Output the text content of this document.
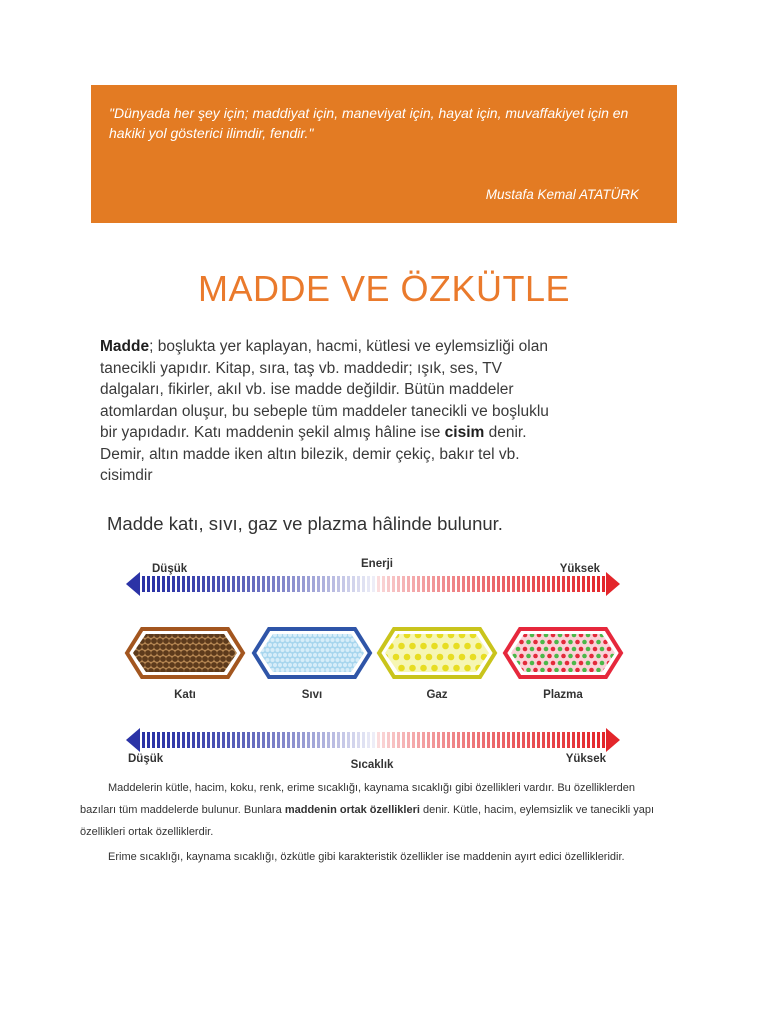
"Dünyada her şey için; maddiyat için, maneviyat için, hayat için, muvaffakiyet için en hakiki yol gösterici ilimdir, fendir."

Mustafa Kemal ATATÜRK

MADDE VE ÖZKÜTLE

Madde; boşlukta yer kaplayan, hacmi, kütlesi ve eylemsizliği olan tanecikli yapıdır. Kitap, sıra, taş vb. maddedir; ışık, ses, TV dalgaları, fikirler, akıl vb. ise madde değildir. Bütün maddeler atomlardan oluşur, bu sebeple tüm maddeler tanecikli ve boşluklu bir yapıdadır. Katı maddenin şekil almış hâline ise cisim denir. Demir, altın madde iken altın bilezik, demir çekiç, bakır tel vb. cisimdir

Madde katı, sıvı, gaz ve plazma hâlinde bulunur.

Düşük	Enerji	Yüksek
Katı	Sıvı	Gaz	Plazma
Düşük	Sıcaklık	Yüksek

Maddelerin kütle, hacim, koku, renk, erime sıcaklığı, kaynama sıcaklığı gibi özellikleri vardır. Bu özelliklerden bazıları tüm maddelerde bulunur. Bunlara maddenin ortak özellikleri denir. Kütle, hacim, eylemsizlik ve tanecikli yapı özellikleri ortak özelliklerdir.

Erime sıcaklığı, kaynama sıcaklığı, özkütle gibi karakteristik özellikler ise maddenin ayırt edici özellikleridir.
